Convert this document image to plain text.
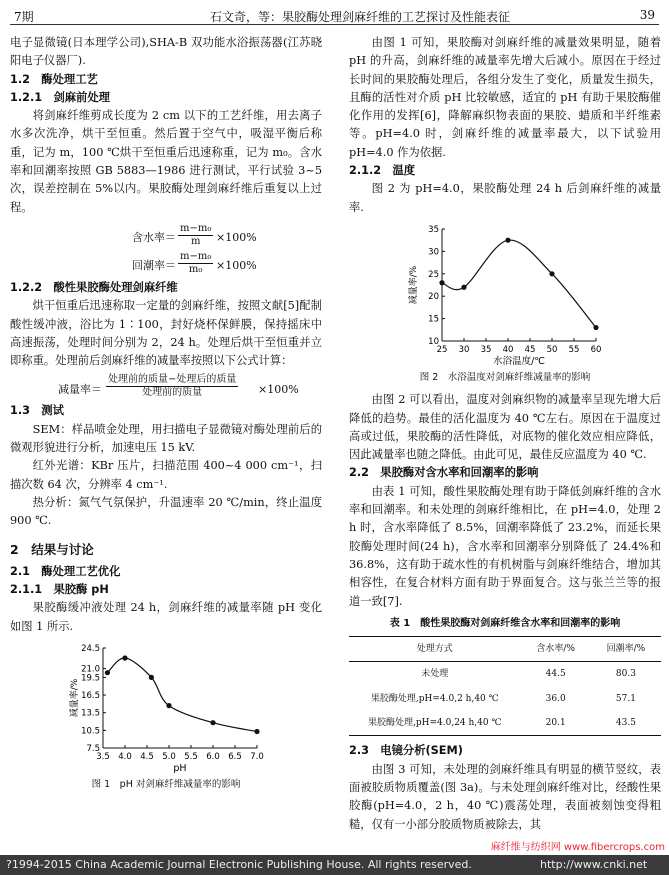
7期	石文奇，等：果胶酶处理剑麻纤维的工艺探讨及性能表征	39

电子显微镜(日本理学公司),SHA-B 双功能水浴振荡器(江苏晓阳电子仪器厂).

1.2　酶处理工艺
1.2.1　剑麻前处理

将剑麻纤维剪成长度为 2 cm 以下的工艺纤维，用去离子水多次洗净，烘干至恒重。然后置于空气中，吸湿平衡后称重，记为 m，100 ℃烘干至恒重后迅速称重，记为 m₀。含水率和回潮率按照 GB 5883—1986 进行测试，平行试验 3~5 次，误差控制在 5%以内。果胶酶处理剑麻纤维后重复以上过程。

含水率＝ $\frac{\text{m−m₀}}{m} \times 100\%$
回潮率＝ $\frac{\text{m−m₀}}{\text{m₀}} \times 100\%$
1.2.2　酸性果胶酶处理剑麻纤维

烘干恒重后迅速称取一定量的剑麻纤维，按照文献[5]配制酸性缓冲液，浴比为 1∶100，封好烧杯保鲜膜，保持摇床中高速振荡，处理时间分别为 2，24 h。处理后烘干至恒重并立即称重。处理前后剑麻纤维的减量率按照以下公式计算：

减量率＝
处理前的质量−处理后的质量
处理前的质量	×100%
1.3　测试

SEM：样品喷金处理，用扫描电子显微镜对酶处理前后的微观形貌进行分析，加速电压 15 kV.

红外光谱：KBr 压片，扫描范围 400~4 000 cm⁻¹，扫描次数 64 次，分辨率 4 cm⁻¹.

热分析：氮气气氛保护，升温速率 20 ℃/min，终止温度 900 ℃.

2　结果与讨论
2.1　酶处理工艺优化
2.1.1　果胶酶 pH

果胶酶缓冲液处理 24 h，剑麻纤维的减量率随 pH 变化如图 1 所示.

3.5 4.0 4.5 5.0 5.5 6.0 6.5 7.0
7.5
10.5
13.5
16.5
19.5
21.0
24.5
pH
减量率/%
图 1　pH 对剑麻纤维减量率的影响

由图 1 可知，果胶酶对剑麻纤维的减量效果明显，随着 pH 的升高，剑麻纤维的减量率先增大后减小。原因在于经过长时间的果胶酶处理后，各组分发生了变化，质量发生损失，且酶的活性对介质 pH 比较敏感，适宜的 pH 有助于果胶酶催化作用的发挥[6]，降解麻织物表面的果胶、蜡质和半纤维素等。pH=4.0 时，剑麻纤维的减量率最大，以下试验用 pH=4.0 作为依据.

2.1.2　温度

图 2 为 pH=4.0，果胶酶处理 24 h 后剑麻纤维的减量率.

25 30 35 40 45 50 55 60
10
15
20
25
30
35
水浴温度/℃
减量率/%
图 2　水浴温度对剑麻纤维减量率的影响

由图 2 可以看出，温度对剑麻织物的减量率呈现先增大后降低的趋势。最佳的活化温度为 40 ℃左右。原因在于温度过高或过低，果胶酶的活性降低，对底物的催化效应相应降低，因此减量率也随之降低。由此可见，最佳反应温度为 40 ℃.

2.2　果胶酶对含水率和回潮率的影响

由表 1 可知，酸性果胶酶处理有助于降低剑麻纤维的含水率和回潮率。和未处理的剑麻纤维相比，在 pH=4.0，处理 2 h 时，含水率降低了 8.5%，回潮率降低了 23.2%，而延长果胶酶处理时间(24 h)，含水率和回潮率分别降低了 24.4%和 36.8%，这有助于疏水性的有机树脂与剑麻纤维结合，增加其相容性，在复合材料方面有助于界面复合。这与张兰兰等的报道一致[7].

表 1　酸性果胶酶对剑麻纤维含水率和回潮率的影响
处理方式	含水率/%	回潮率/%
未处理	44.5	80.3
果胶酶处理,pH=4.0,2 h,40 ℃	36.0	57.1
果胶酶处理,pH=4.0,24 h,40 ℃	20.1	43.5
2.3　电镜分析(SEM)

由图 3 可知，未处理的剑麻纤维具有明显的横节竖纹，表面被胶质物质覆盖(图 3a)。与未处理剑麻纤维对比，经酸性果胶酶(pH=4.0，2 h，40 ℃)震荡处理，表面被刻蚀变得粗糙，仅有一小部分胶质物质被除去，其

麻纤维与纺织网 www.fibercrops.com
?1994-2015 China Academic Journal Electronic Publishing House. All rights reserved.	http://www.cnki.net
